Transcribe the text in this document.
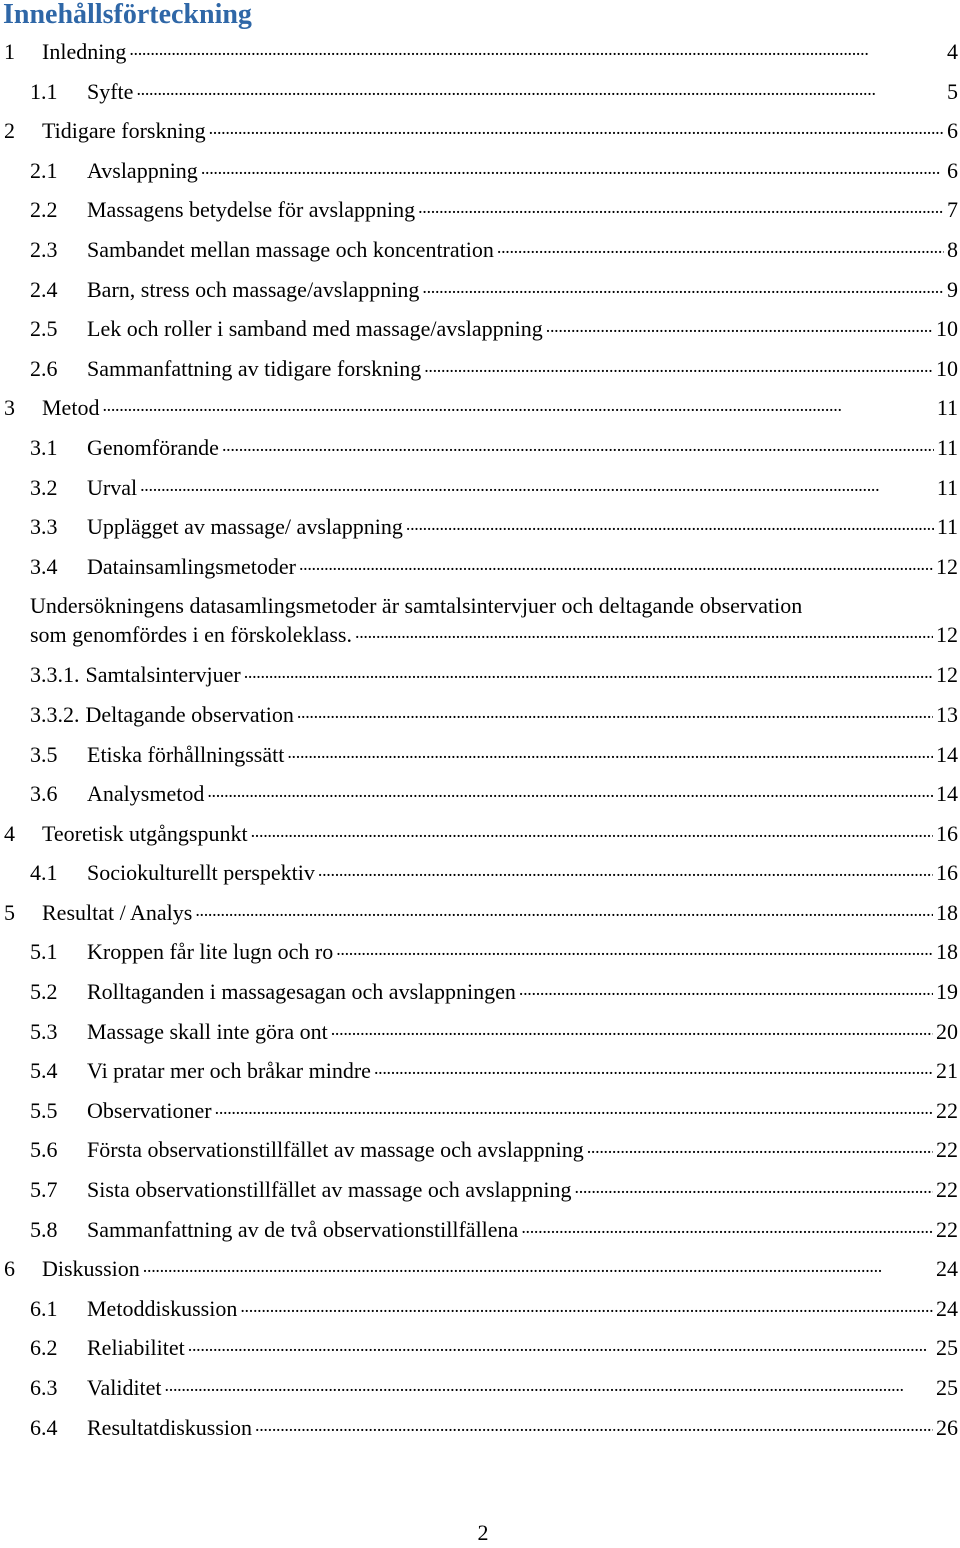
Innehållsförteckning
1	Inledning . . .	4
1.1	Syfte . . .	5
2	Tidigare forskning . . .	6
2.1	Avslappning . . .	6
2.2	Massagens betydelse för avslappning . . .	7
2.3	Sambandet mellan massage och koncentration . . .	8
2.4	Barn, stress och massage/avslappning . . .	9
2.5	Lek och roller i samband med massage/avslappning . . .	10
2.6	Sammanfattning av tidigare forskning . . .	10
3	Metod . . .	11
3.1	Genomförande . . .	11
3.2	Urval . . .	11
3.3	Upplägget av massage/ avslappning . . .	11
3.4	Datainsamlingsmetoder . . .	12
Undersökningens datasamlingsmetoder är samtalsintervjuer och deltagande observation
som genomfördes i en förskoleklass. . . .	12
3.3.1. Samtalsintervjuer . . .	12
3.3.2. Deltagande observation . . .	13
3.5	Etiska förhållningssätt . . .	14
3.6	Analysmetod . . .	14
4	Teoretisk utgångspunkt . . .	16
4.1	Sociokulturellt perspektiv . . .	16
5	Resultat / Analys . . .	18
5.1	Kroppen får lite lugn och ro . . .	18
5.2	Rolltaganden i massagesagan och avslappningen . . .	19
5.3	Massage skall inte göra ont . . .	20
5.4	Vi pratar mer och bråkar mindre . . .	21
5.5	Observationer . . .	22
5.6	Första observationstillfället av massage och avslappning . . .	22
5.7	Sista observationstillfället av massage och avslappning . . .	22
5.8	Sammanfattning av de två observationstillfällena . . .	22
6	Diskussion . . .	24
6.1	Metoddiskussion . . .	24
6.2	Reliabilitet . . .	25
6.3	Validitet . . .	25
6.4	Resultatdiskussion . . .	26
2
